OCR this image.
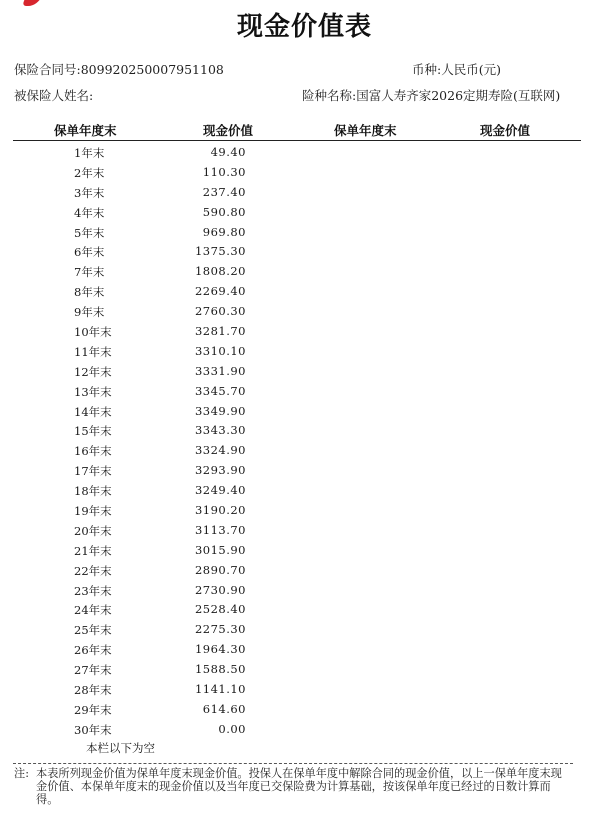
现金价值表
保险合同号:809920250007951108	币种:人民币(元)
被保险人姓名:	险种名称:国富人寿齐家2026定期寿险(互联网)
保单年度末	现金价值	保单年度末	现金价值
1年末	49.40
2年末	110.30
3年末	237.40
4年末	590.80
5年末	969.80
6年末	1375.30
7年末	1808.20
8年末	2269.40
9年末	2760.30
10年末	3281.70
11年末	3310.10
12年末	3331.90
13年末	3345.70
14年末	3349.90
15年末	3343.30
16年末	3324.90
17年末	3293.90
18年末	3249.40
19年末	3190.20
20年末	3113.70
21年末	3015.90
22年末	2890.70
23年末	2730.90
24年末	2528.40
25年末	2275.30
26年末	1964.30
27年末	1588.50
28年末	1141.10
29年末	614.60
30年末	0.00
本栏以下为空
注: 本表所列现金价值为保单年度末现金价值。投保人在保单年度中解除合同的现金价值，以上一保单年度末现金价值、本保单年度末的现金价值以及当年度已交保险费为计算基础，按该保单年度已经过的日数计算而得。
